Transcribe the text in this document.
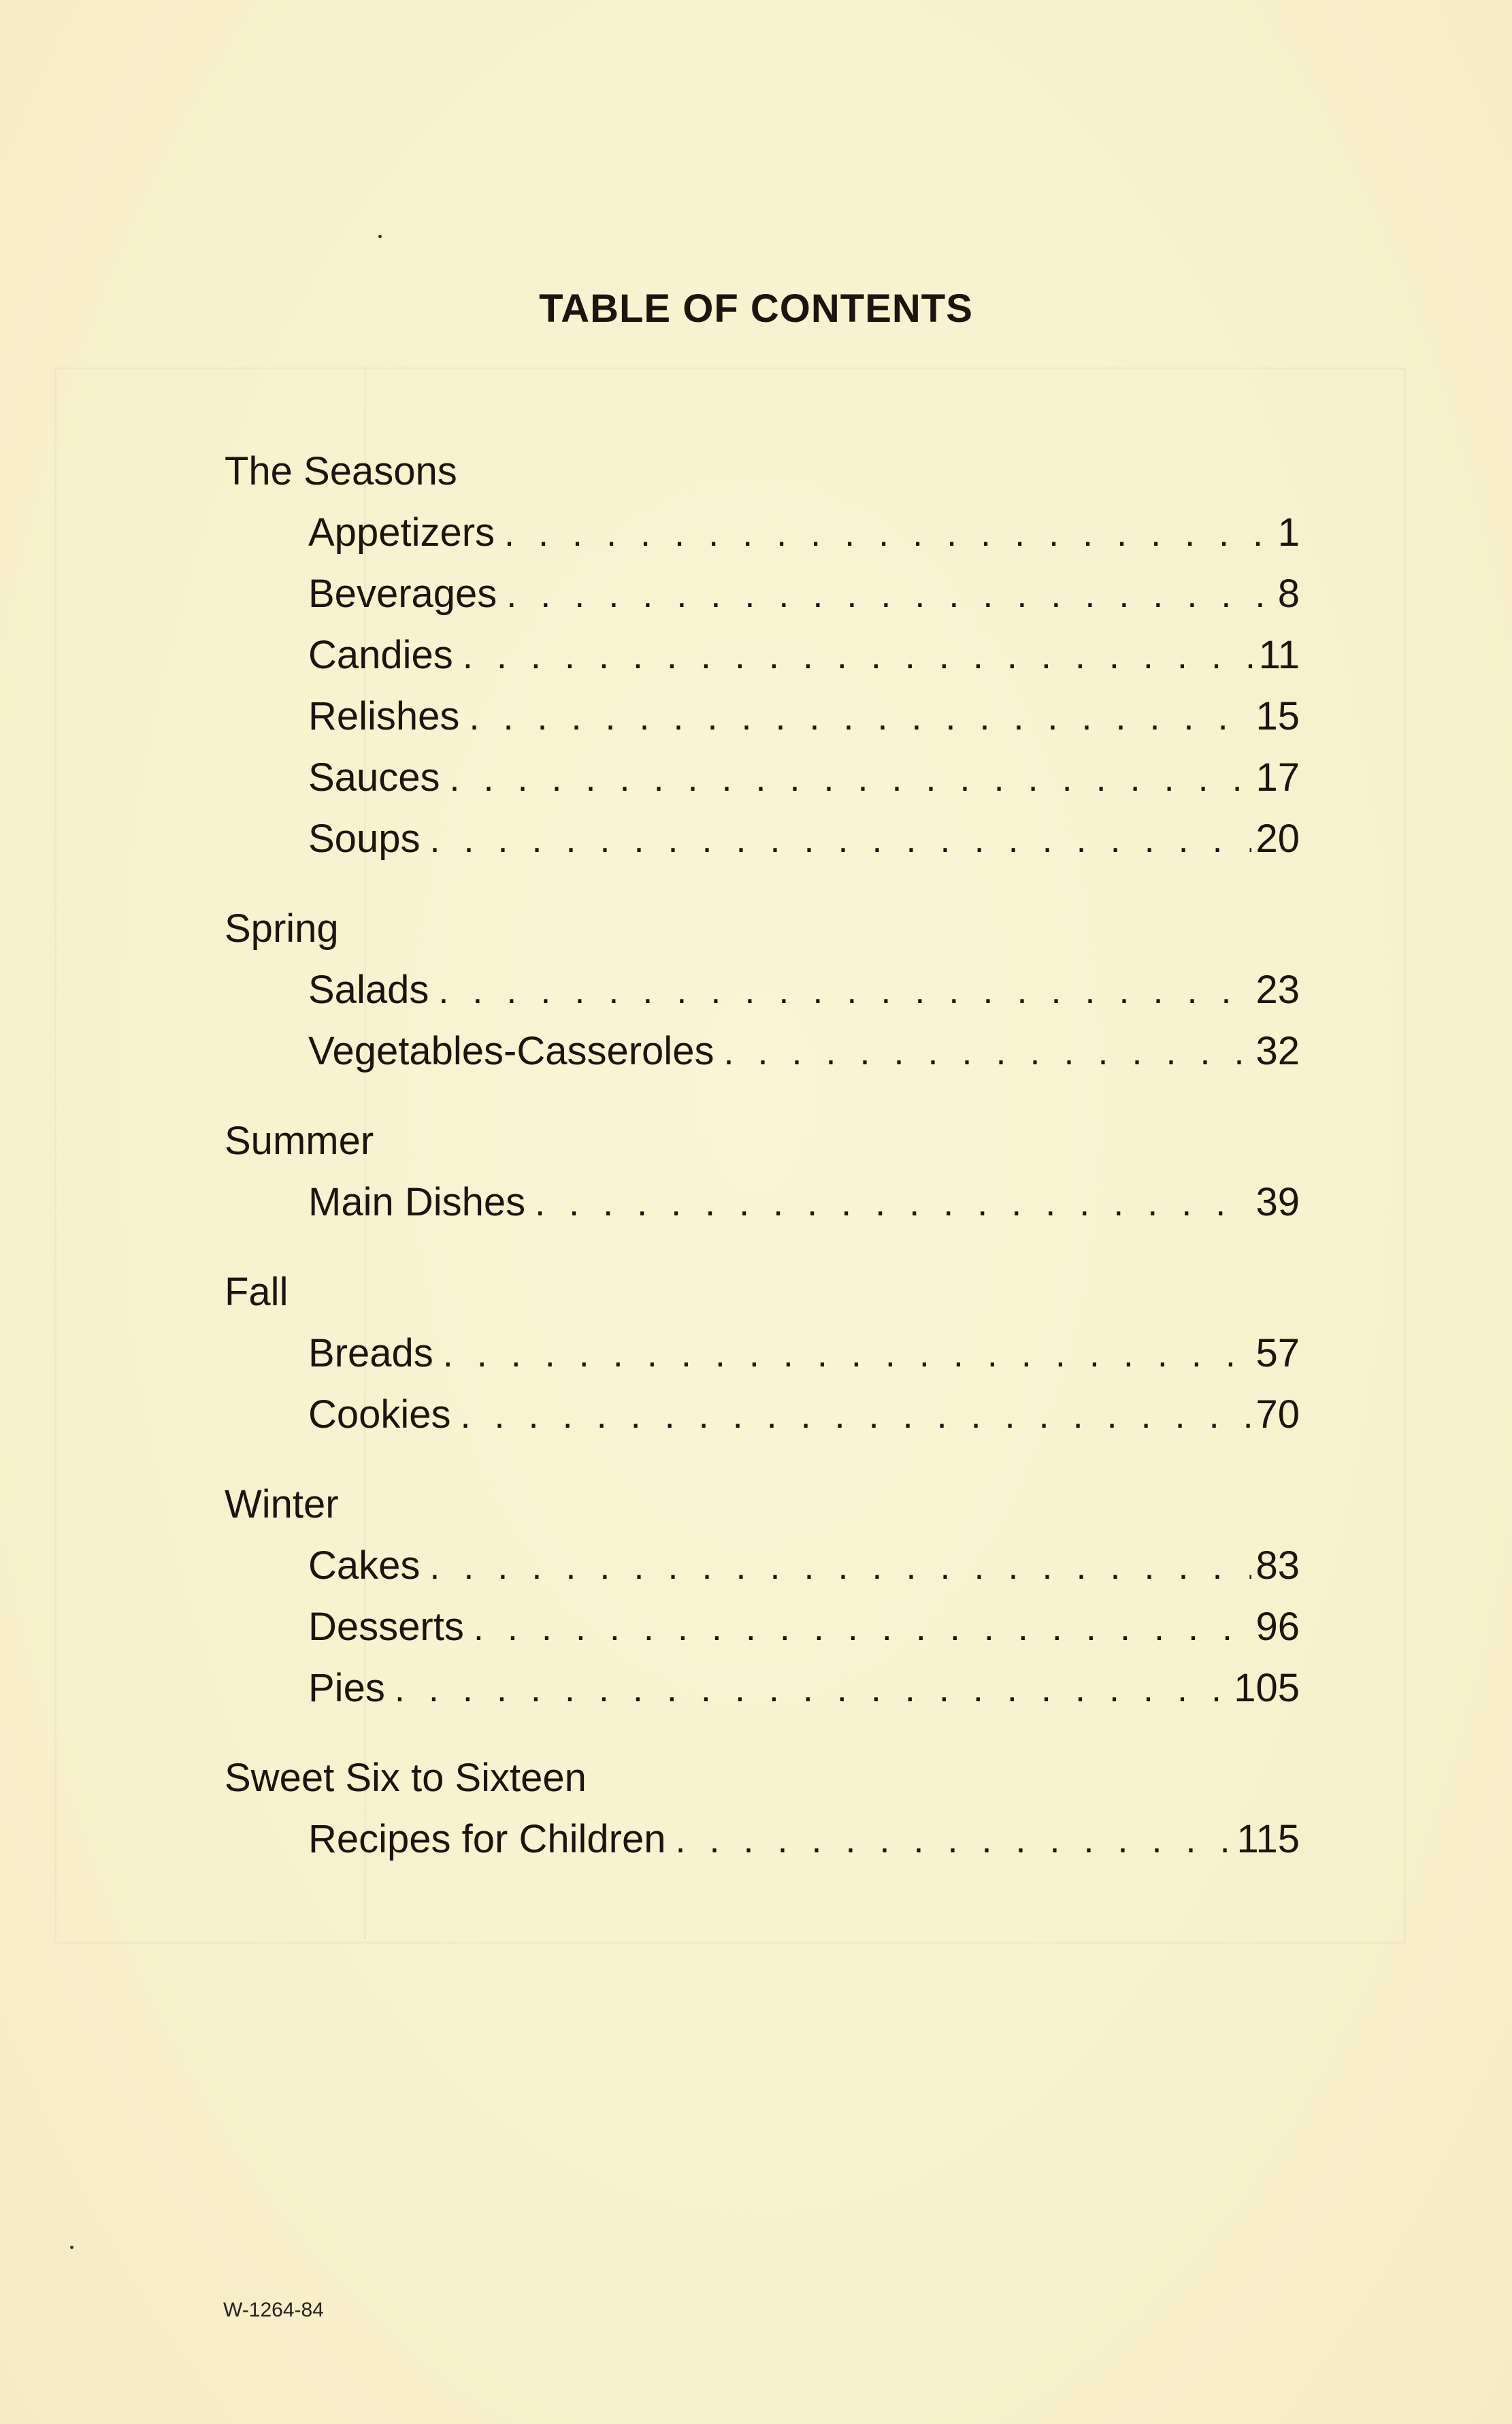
TABLE OF CONTENTS
The Seasons
Appetizers . . .	1
Beverages . . .	8
Candies . . .	11
Relishes . . .	15
Sauces . . .	17
Soups . . .	20
Spring
Salads . . .	23
Vegetables-Casseroles . . .	32
Summer
Main Dishes . . .	39
Fall
Breads . . .	57
Cookies . . .	70
Winter
Cakes . . .	83
Desserts . . .	96
Pies . . .	105
Sweet Six to Sixteen
Recipes for Children . . .	115
W-1264-84
